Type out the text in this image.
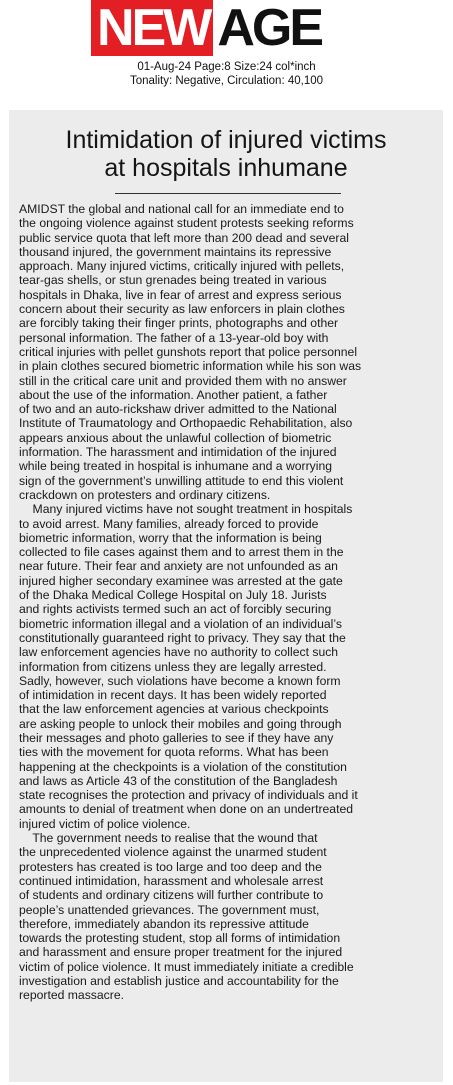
NEW AGE
01-Aug-24 Page:8 Size:24 col*inch
Tonality: Negative, Circulation: 40,100
Intimidation of injured victims
at hospitals inhumane
AMIDST the global and national call for an immediate end to
the ongoing violence against student protests seeking reforms
public service quota that left more than 200 dead and several
thousand injured, the government maintains its repressive
approach. Many injured victims, critically injured with pellets,
tear-gas shells, or stun grenades being treated in various
hospitals in Dhaka, live in fear of arrest and express serious
concern about their security as law enforcers in plain clothes
are forcibly taking their finger prints, photographs and other
personal information. The father of a 13-year-old boy with
critical injuries with pellet gunshots report that police personnel
in plain clothes secured biometric information while his son was
still in the critical care unit and provided them with no answer
about the use of the information. Another patient, a father
of two and an auto-rickshaw driver admitted to the National
Institute of Traumatology and Orthopaedic Rehabilitation, also
appears anxious about the unlawful collection of biometric
information. The harassment and intimidation of the injured
while being treated in hospital is inhumane and a worrying
sign of the government’s unwilling attitude to end this violent
crackdown on protesters and ordinary citizens.
Many injured victims have not sought treatment in hospitals
to avoid arrest. Many families, already forced to provide
biometric information, worry that the information is being
collected to file cases against them and to arrest them in the
near future. Their fear and anxiety are not unfounded as an
injured higher secondary examinee was arrested at the gate
of the Dhaka Medical College Hospital on July 18. Jurists
and rights activists termed such an act of forcibly securing
biometric information illegal and a violation of an individual’s
constitutionally guaranteed right to privacy. They say that the
law enforcement agencies have no authority to collect such
information from citizens unless they are legally arrested.
Sadly, however, such violations have become a known form
of intimidation in recent days. It has been widely reported
that the law enforcement agencies at various checkpoints
are asking people to unlock their mobiles and going through
their messages and photo galleries to see if they have any
ties with the movement for quota reforms. What has been
happening at the checkpoints is a violation of the constitution
and laws as Article 43 of the constitution of the Bangladesh
state recognises the protection and privacy of individuals and it
amounts to denial of treatment when done on an undertreated
injured victim of police violence.
The government needs to realise that the wound that
the unprecedented violence against the unarmed student
protesters has created is too large and too deep and the
continued intimidation, harassment and wholesale arrest
of students and ordinary citizens will further contribute to
people’s unattended grievances. The government must,
therefore, immediately abandon its repressive attitude
towards the protesting student, stop all forms of intimidation
and harassment and ensure proper treatment for the injured
victim of police violence. It must immediately initiate a credible
investigation and establish justice and accountability for the
reported massacre.
